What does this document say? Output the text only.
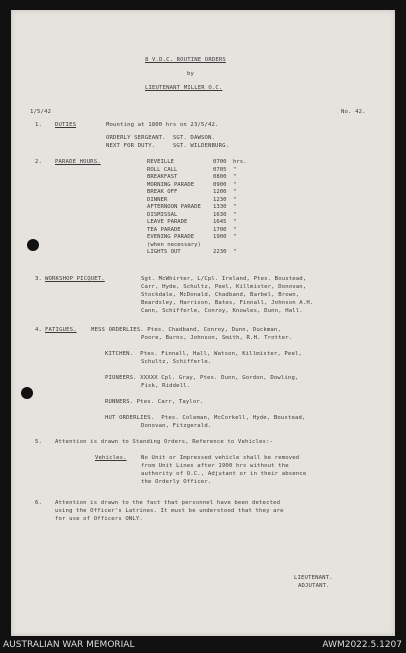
8 V.D.C. ROUTINE ORDERS
by
LIEUTENANT MILLER O.C.
1/5/42	No. 42.
1. DUTIES	Mounting at 1800 hrs on 23/5/42.
ORDERLY SERGEANT.  SGT. DAWSON.
NEXT FOR DUTY.     SGT. WILDENBURG.
2. PARADE HOURS.	REVEILLE	0700	hrs.
ROLL CALL	0705	"
BREAKFAST	0800	"
MORNING PARADE	0900	"
BREAK OFF	1200	"
DINNER	1230	"
AFTERNOON PARADE	1330	"
DISMISSAL	1630	"
LEAVE PARADE	1645	"
TEA PARADE	1700	"
EVENING PARADE	1900	"
(when necessary)
LIGHTS OUT	2230	"
3. WORKSHOP PICQUET.	Sgt. McWhirter, L/Cpl. Ireland, Ptes. Boustead,
Carr, Hyde, Schultz, Peel, Killmister, Donovan,
Stockdale, McDonald, Chadband, Barbel, Brown,
Beardsley, Harrison, Bates, Finnall, Johnson A.H.
Cann, Schifferle, Conroy, Knowles, Dunn, Hall.
4. FATIGUES.	MESS ORDERLIES. Ptes. Chadband, Conroy, Dunn, Duckman,
Poore, Burns, Johnson, Smith, R.H. Trotter.
KITCHEN.  Ptes. Finnall, Hall, Watson, Killmister, Peel,
Schultz, Schifferle.
PIONEERS. XXXXX Cpl. Gray, Ptes. Dunn, Gordon, Dowling,
Fisk, Riddell.
RUNNERS. Ptes. Carr, Taylor.
HUT ORDERLIES.  Ptes. Coleman, McCorkell, Hyde, Boustead,
Donovan, Fitzgerald.
5. Attention is drawn to Standing Orders, Reference to Vehicles:-
Vehicles.	No Unit or Impressed vehicle shall be removed
from Unit Lines after 1900 hrs without the
authority of O.C., Adjutant or in their absence
the Orderly Officer.
6. Attention is drawn to the fact that personnel have been detected
using the Officer's Latrines. It must be understood that they are
for use of Officers ONLY.
LIEUTENANT.
ADJUTANT.
AUSTRALIAN WAR MEMORIAL	AWM2022.5.1207
